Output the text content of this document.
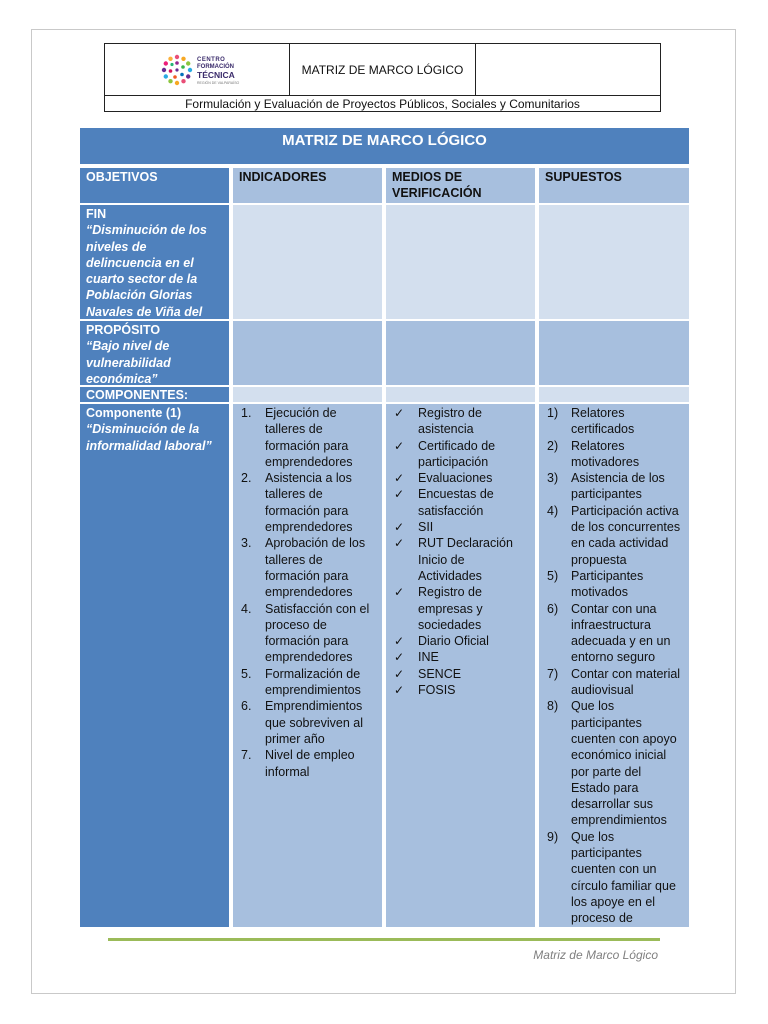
CENTRO
FORMACIÓN
TÉCNICA
REGIÓN DE VALPARAÍSO
MATRIZ DE MARCO LÓGICO
Formulación y Evaluación de Proyectos Públicos, Sociales y Comunitarios
MATRIZ DE MARCO LÓGICO
OBJETIVOS	INDICADORES	MEDIOS DE VERIFICACIÓN
SUPUESTOS
FIN
“Disminución de los niveles de delincuencia en el cuarto sector de la Población Glorias Navales de Viña del
PROPÓSITO
“Bajo nivel de vulnerabilidad económica”
COMPONENTES:
Componente (1)
“Disminución de la informalidad laboral”
1. Ejecución de talleres de formación para emprendedores
2. Asistencia a los talleres de formación para emprendedores
3. Aprobación de los talleres de formación para emprendedores
4. Satisfacción con el proceso de formación para emprendedores
5. Formalización de emprendimientos
6. Emprendimientos que sobreviven al primer año
7. Nivel de empleo informal
✓ Registro de asistencia
✓ Certificado de participación
✓ Evaluaciones
✓ Encuestas de satisfacción
✓ SII
✓ RUT Declaración Inicio de Actividades
✓ Registro de empresas y sociedades
✓ Diario Oficial
✓ INE
✓ SENCE
✓ FOSIS
1) Relatores certificados
2) Relatores motivadores
3) Asistencia de los participantes
4) Participación activa de los concurrentes en cada actividad propuesta
5) Participantes motivados
6) Contar con una infraestructura adecuada y en un entorno seguro
7) Contar con material audiovisual
8) Que los participantes cuenten con apoyo económico inicial por parte del Estado para desarrollar sus emprendimientos
9) Que los participantes cuenten con un círculo familiar que los apoye en el proceso de
Matriz de Marco Lógico
